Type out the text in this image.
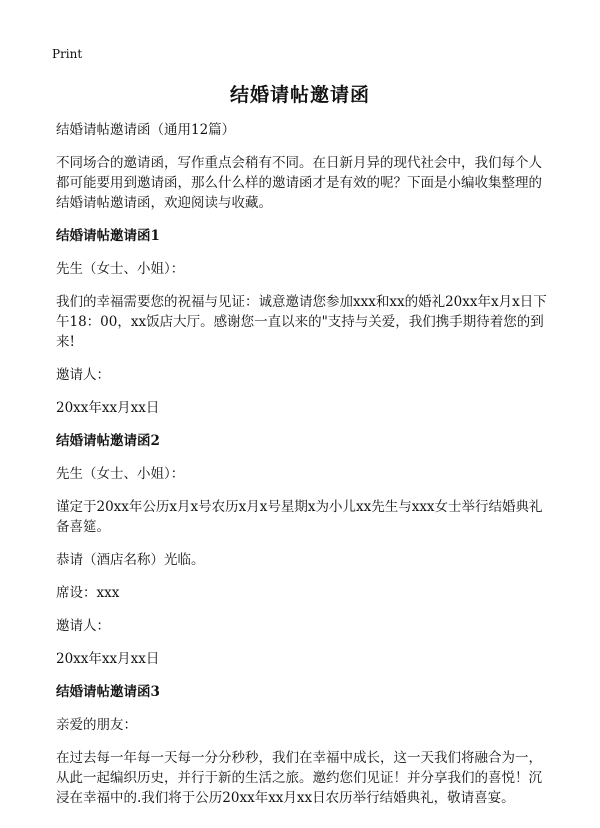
Print
结婚请帖邀请函

结婚请帖邀请函（通用12篇）

不同场合的邀请函，写作重点会稍有不同。在日新月异的现代社会中，我们每个人都可能要用到邀请函，那么什么样的邀请函才是有效的呢？下面是小编收集整理的结婚请帖邀请函，欢迎阅读与收藏。

结婚请帖邀请函1

先生（女士、小姐）：

我们的幸福需要您的祝福与见证：诚意邀请您参加xxx和xx的婚礼20xx年x月x日下午18：00，xx饭店大厅。感谢您一直以来的"支持与关爱，我们携手期待着您的到来!

邀请人：

20xx年xx月xx日

结婚请帖邀请函2

先生（女士、小姐）：

谨定于20xx年公历x月x号农历x月x号星期x为小儿xx先生与xxx女士举行结婚典礼备喜筵。

恭请（酒店名称）光临。

席设：xxx

邀请人：

20xx年xx月xx日

结婚请帖邀请函3

亲爱的朋友：

在过去每一年每一天每一分分秒秒，我们在幸福中成长，这一天我们将融合为一，从此一起编织历史，并行于新的生活之旅。邀约您们见证！并分享我们的喜悦！沉浸在幸福中的.我们将于公历20xx年xx月xx日农历举行结婚典礼，敬请喜宴。
